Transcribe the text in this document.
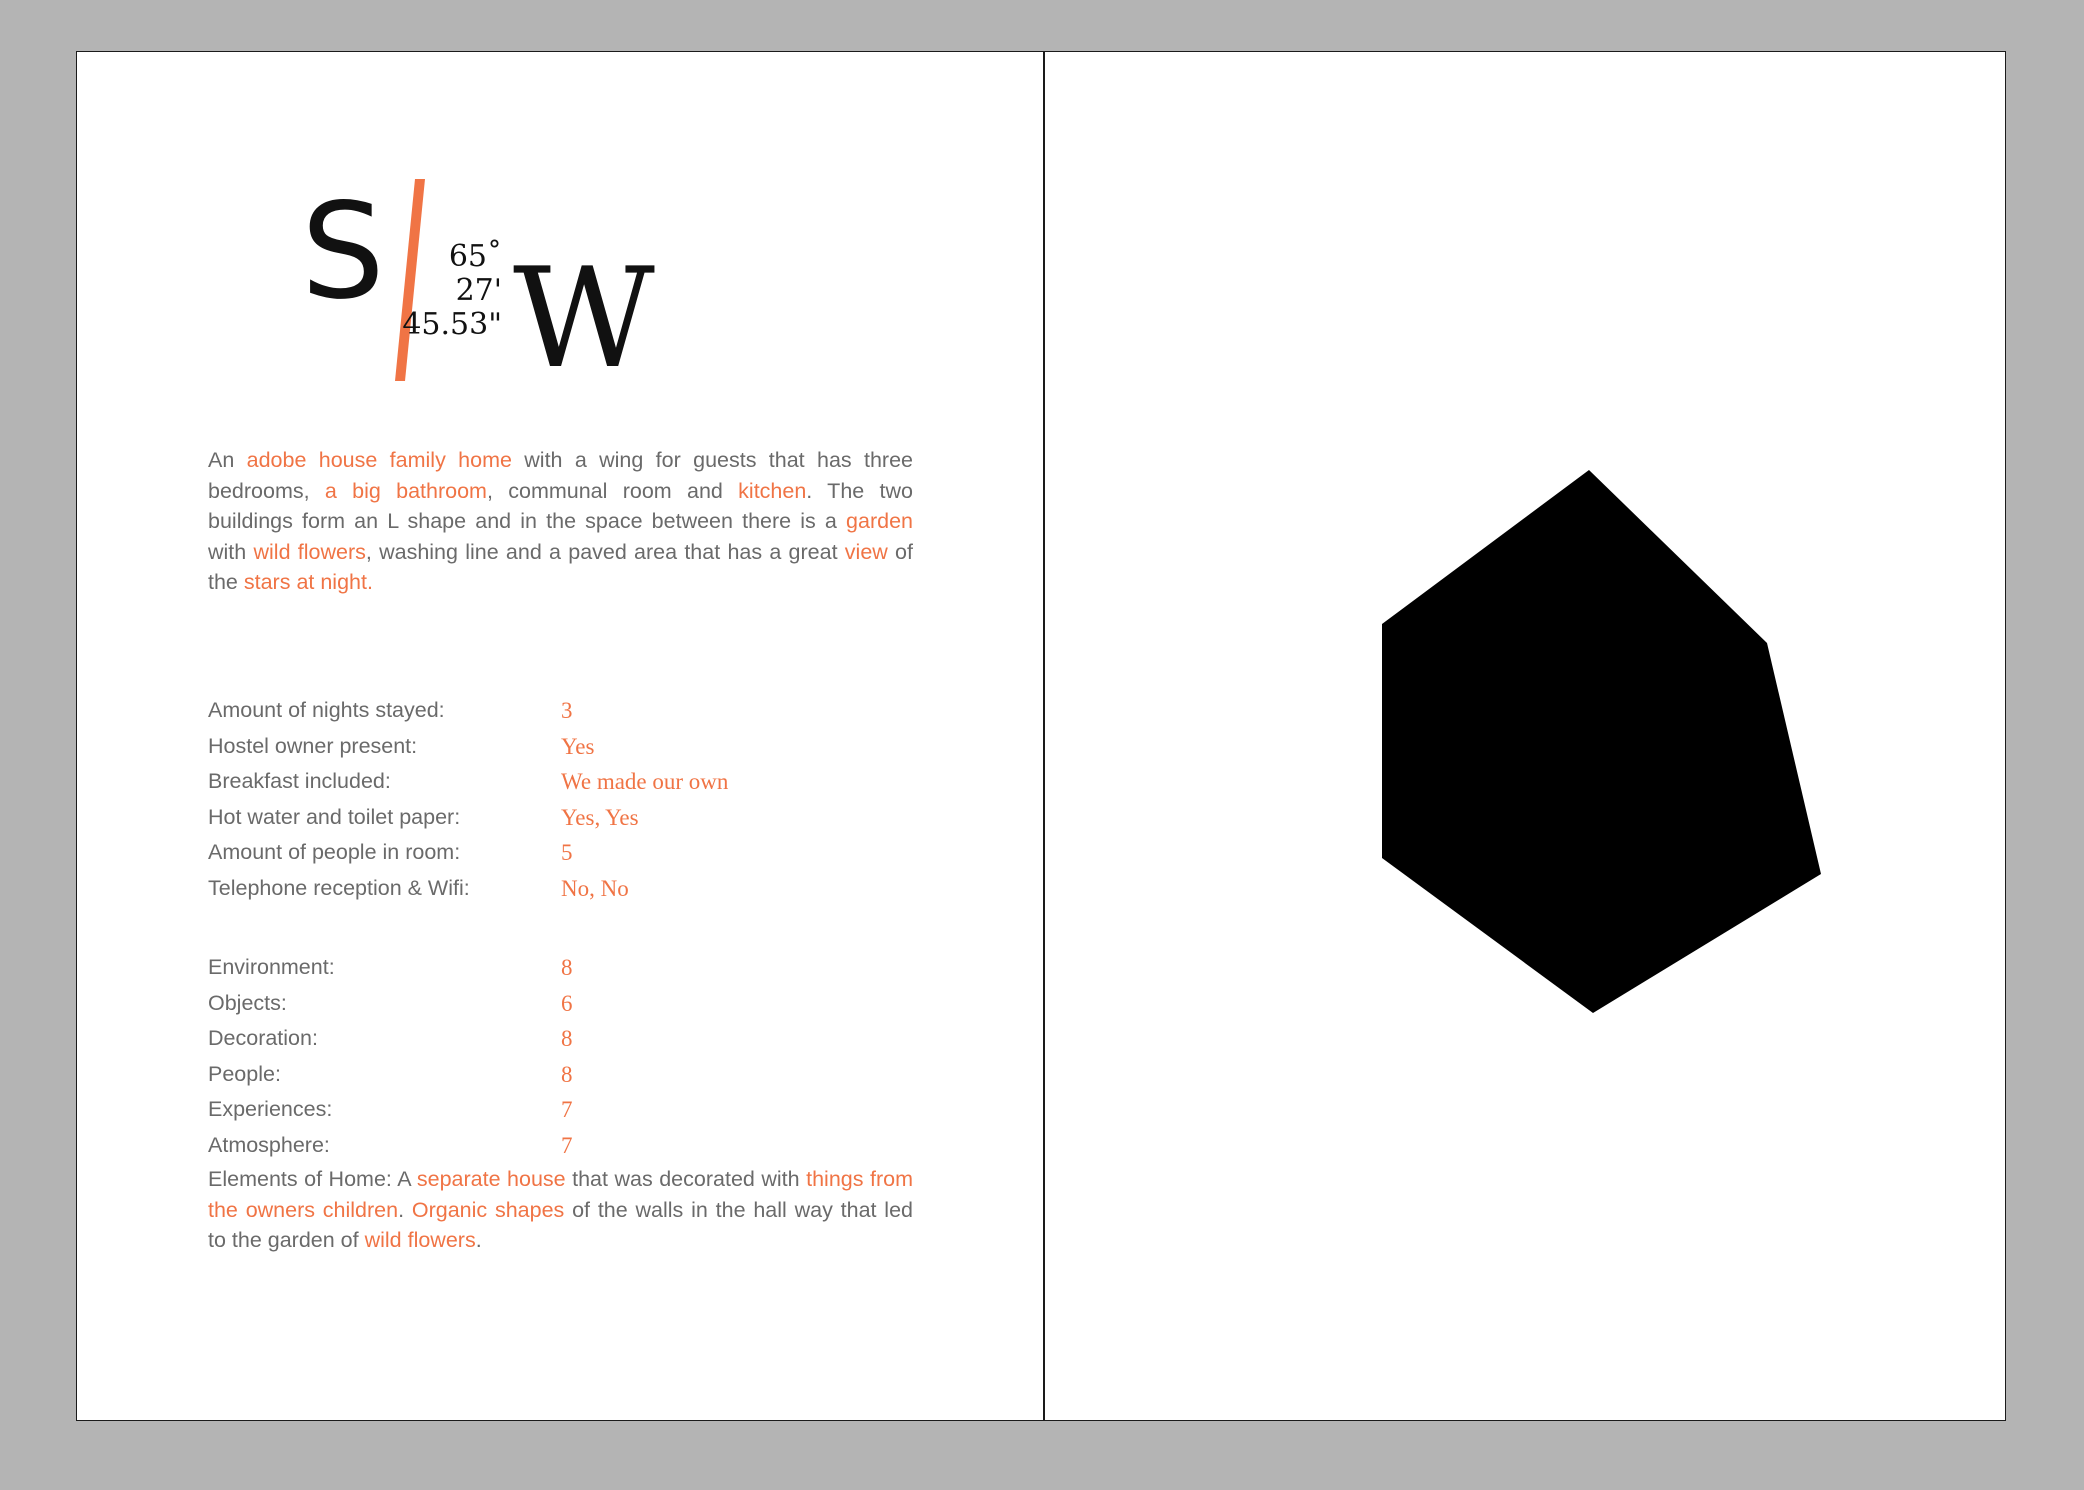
S	65˚
27'
45.53" W
An adobe house family home with a wing for guests that has three bedrooms, a big bathroom, communal room and kitchen. The two buildings form an L shape and in the space between there is a garden with wild flowers, washing line and a paved area that has a great view of the stars at night.
Amount of nights stayed:	3
Hostel owner present:	Yes
Breakfast included:	We made our own
Hot water and toilet paper:	Yes, Yes
Amount of people in room:	5
Telephone reception & Wifi:	No, No
Environment:	8
Objects:	6
Decoration:	8
People:	8
Experiences:	7
Atmosphere:	7
Elements of Home: A separate house that was decorated with things from the owners children. Organic shapes of the walls in the hall way that led to the garden of wild flowers.
